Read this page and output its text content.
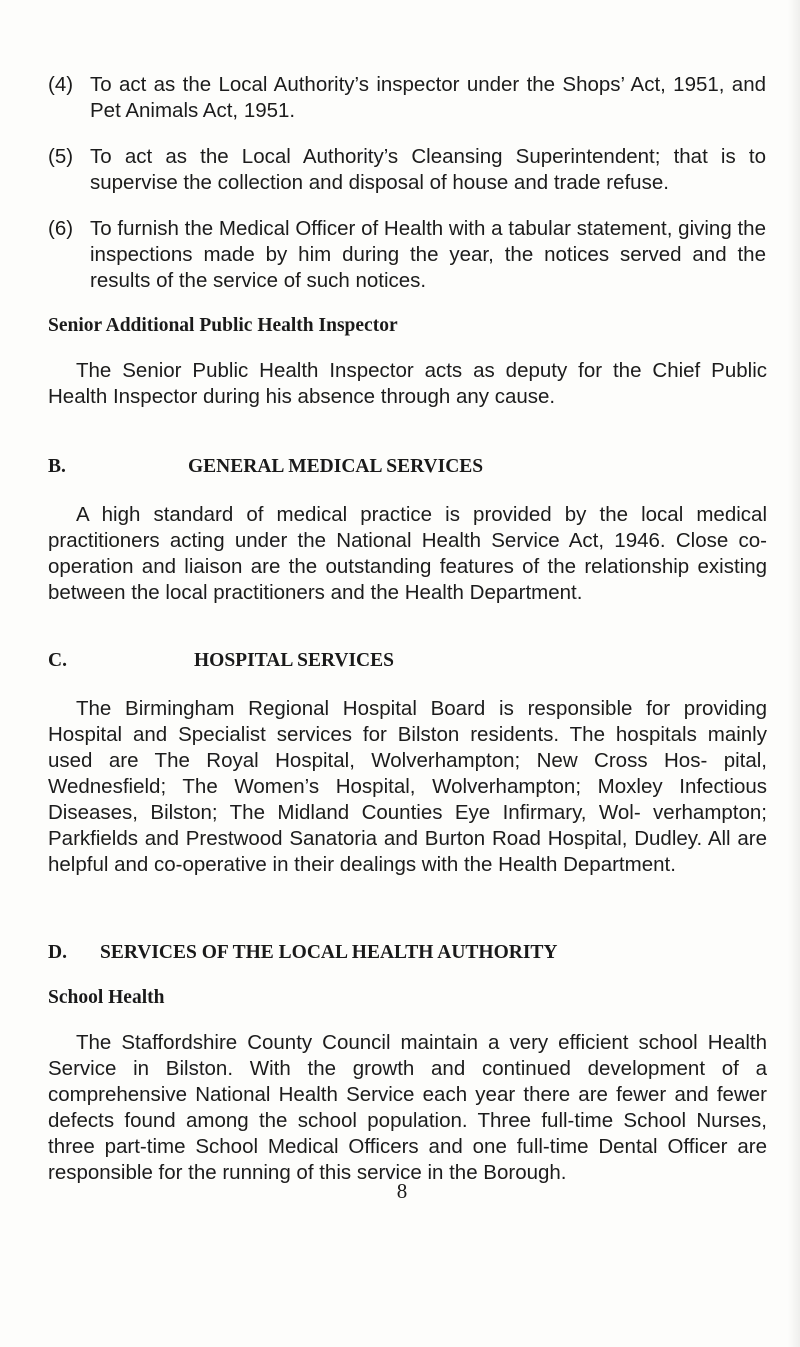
(4) To act as the Local Authority’s inspector under the Shops’ Act, 1951, and Pet Animals Act, 1951.
(5) To act as the Local Authority’s Cleansing Superintendent; that is to supervise the collection and disposal of house and trade refuse.
(6) To furnish the Medical Officer of Health with a tabular statement, giving the inspections made by him during the year, the notices served and the results of the service of such notices.
Senior Additional Public Health Inspector

The Senior Public Health Inspector acts as deputy for the Chief Public Health Inspector during his absence through any cause.

B.	GENERAL MEDICAL SERVICES

A high standard of medical practice is provided by the local medical practitioners acting under the National Health Service Act, 1946. Close co-operation and liaison are the outstanding features of the relationship existing between the local practitioners and the Health Department.

C.	HOSPITAL SERVICES

The Birmingham Regional Hospital Board is responsible for providing Hospital and Specialist services for Bilston residents. The hospitals mainly used are The Royal Hospital, Wolverhampton; New Cross Hos- pital, Wednesfield; The Women’s Hospital, Wolverhampton; Moxley Infectious Diseases, Bilston; The Midland Counties Eye Infirmary, Wol- verhampton; Parkfields and Prestwood Sanatoria and Burton Road Hospital, Dudley. All are helpful and co-operative in their dealings with the Health Department.

D. SERVICES OF THE LOCAL HEALTH AUTHORITY
School Health

The Staffordshire County Council maintain a very efficient school Health Service in Bilston. With the growth and continued development of a comprehensive National Health Service each year there are fewer and fewer defects found among the school population. Three full-time School Nurses, three part-time School Medical Officers and one full-time Dental Officer are responsible for the running of this service in the Borough.

8
